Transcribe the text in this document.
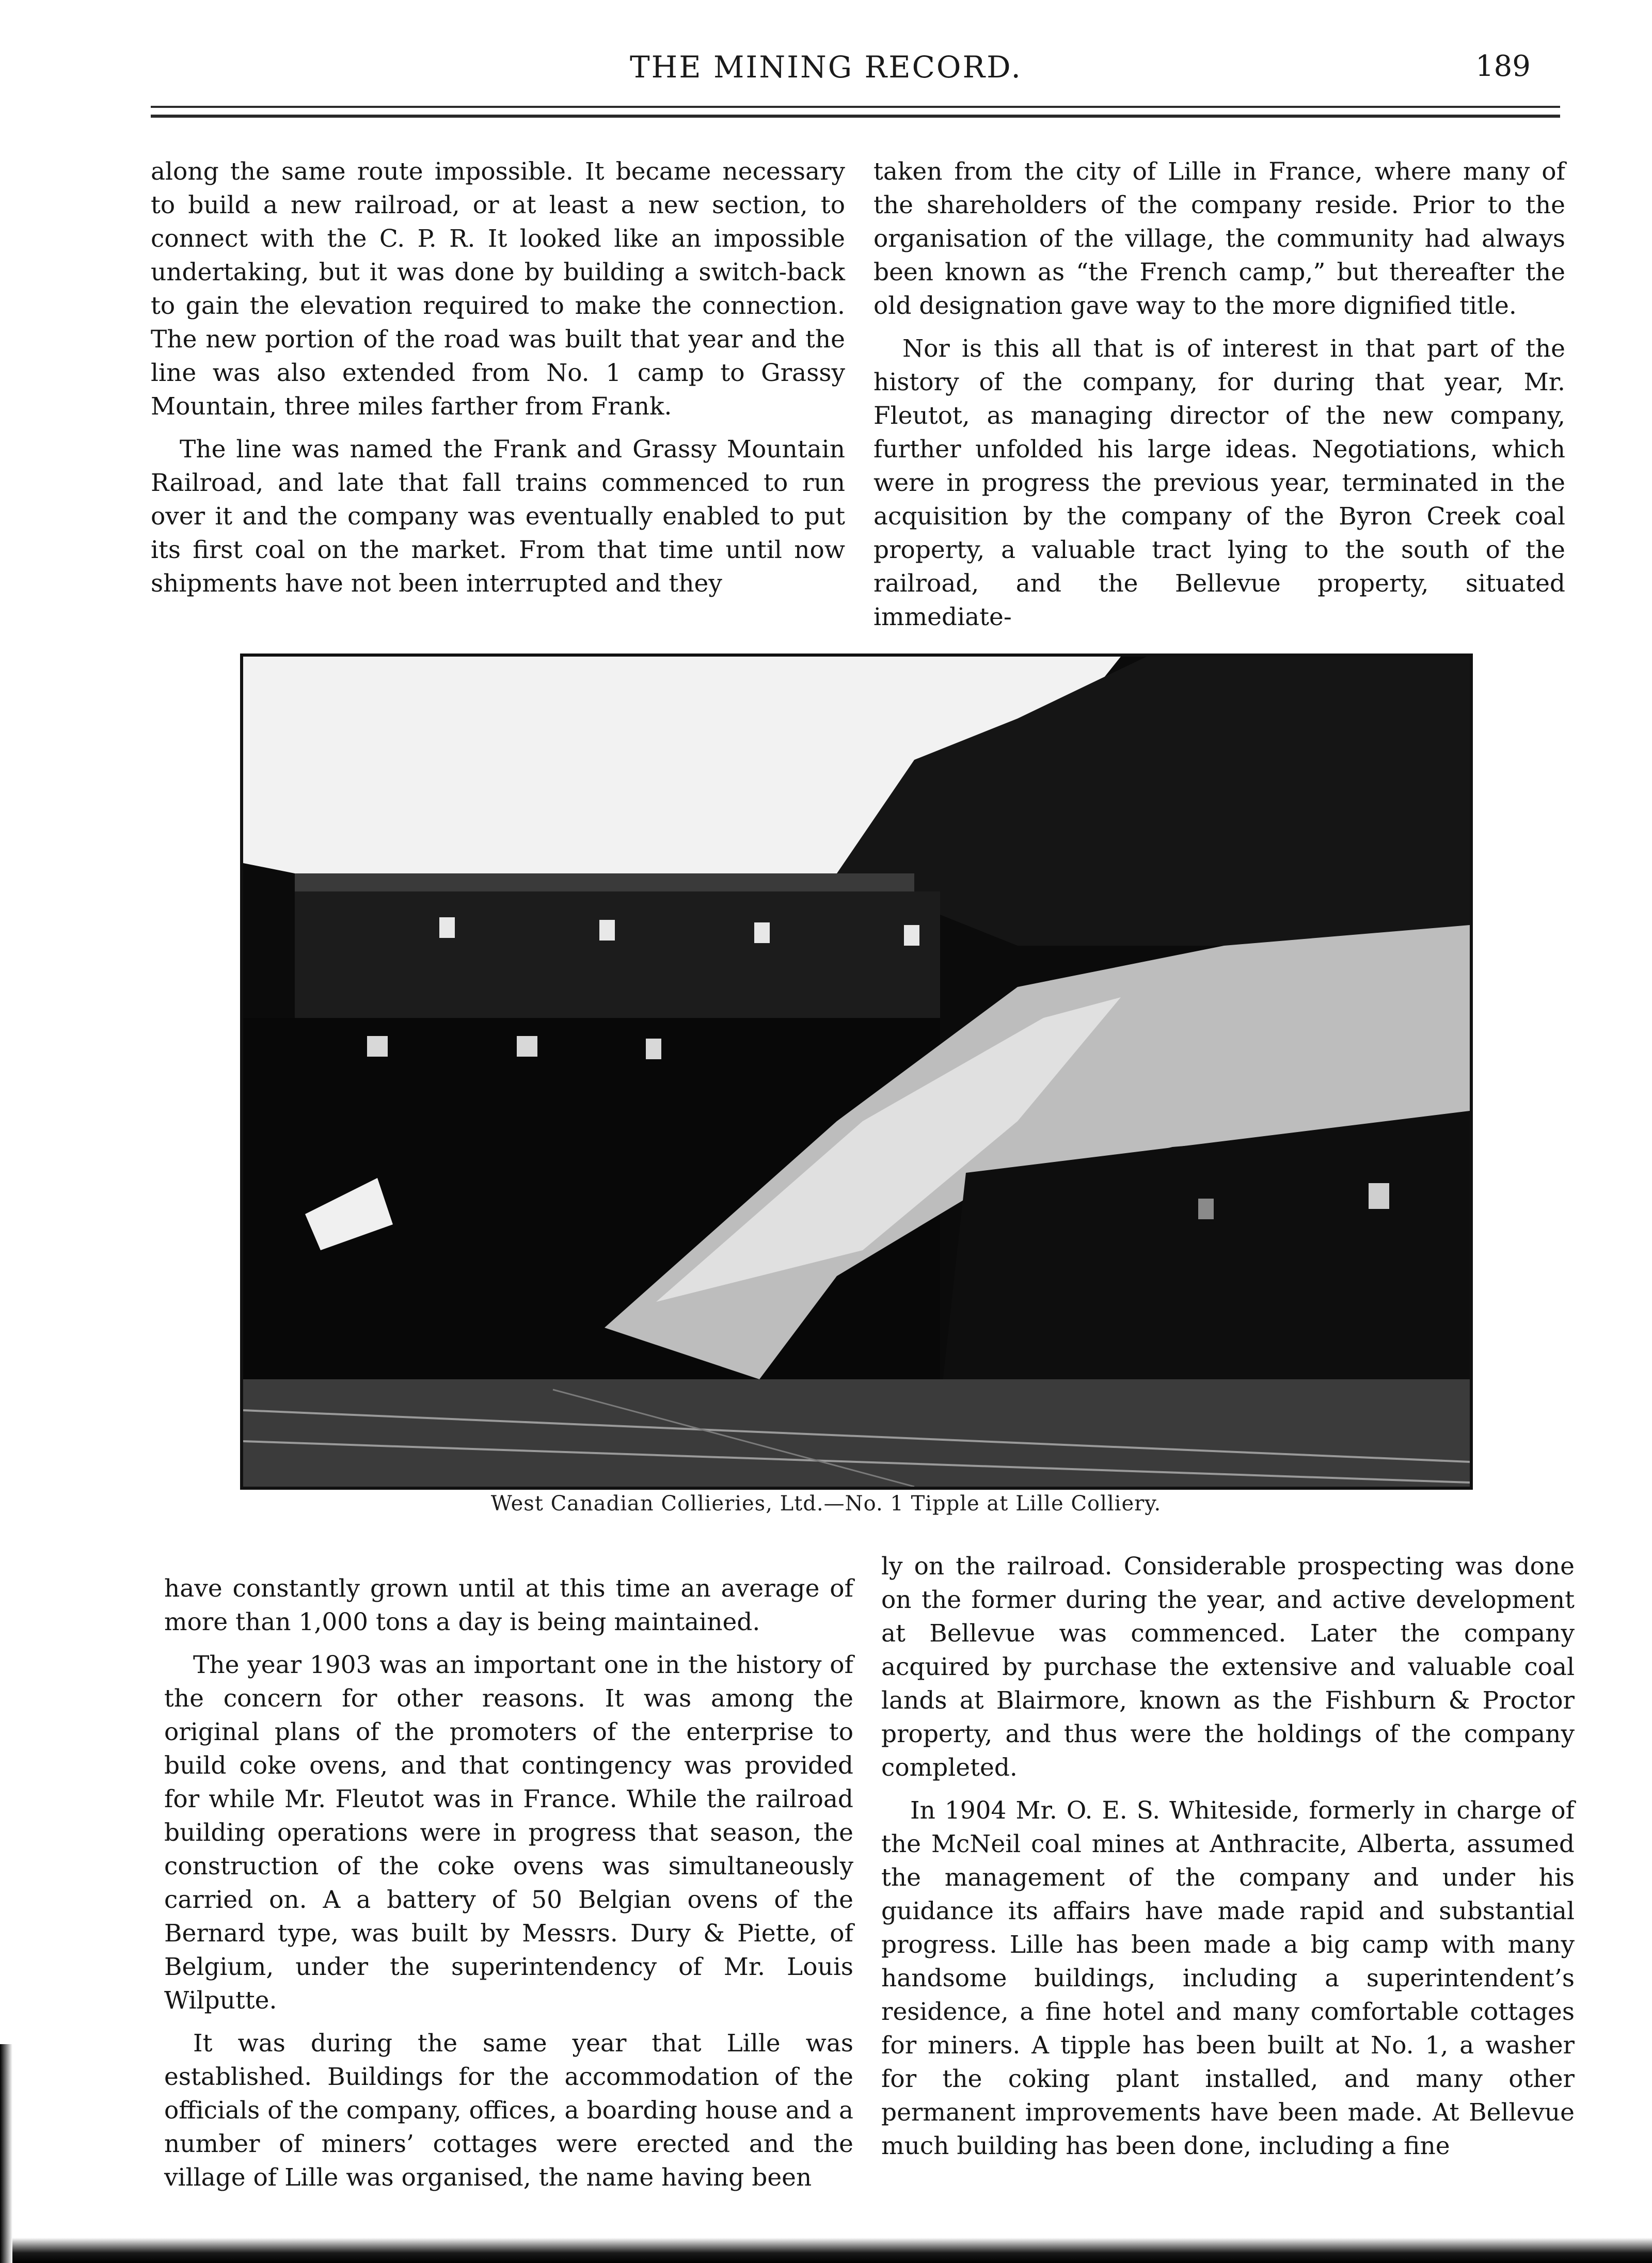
THE MINING RECORD.	189

along the same route impossible. It became necessary to build a new railroad, or at least a new section, to connect with the C. P. R. It looked like an impossible undertaking, but it was done by building a switch-back to gain the elevation required to make the connection. The new portion of the road was built that year and the line was also extended from No. 1 camp to Grassy Mountain, three miles farther from Frank.

The line was named the Frank and Grassy Mountain Railroad, and late that fall trains commenced to run over it and the company was eventually enabled to put its first coal on the market. From that time until now shipments have not been interrupted and they

taken from the city of Lille in France, where many of the shareholders of the company reside. Prior to the organisation of the village, the community had always been known as “the French camp,” but thereafter the old designation gave way to the more dignified title.

Nor is this all that is of interest in that part of the history of the company, for during that year, Mr. Fleutot, as managing director of the new company, further unfolded his large ideas. Negotiations, which were in progress the previous year, terminated in the acquisition by the company of the Byron Creek coal property, a valuable tract lying to the south of the railroad, and the Bellevue property, situated immediate-

West Canadian Collieries, Ltd.—No. 1 Tipple at Lille Colliery.

have constantly grown until at this time an average of more than 1,000 tons a day is being maintained.

The year 1903 was an important one in the history of the concern for other reasons. It was among the original plans of the promoters of the enterprise to build coke ovens, and that contingency was provided for while Mr. Fleutot was in France. While the railroad building operations were in progress that season, the construction of the coke ovens was simultaneously carried on. A a battery of 50 Belgian ovens of the Bernard type, was built by Messrs. Dury & Piette, of Belgium, under the superintendency of Mr. Louis Wilputte.

It was during the same year that Lille was established. Buildings for the accommodation of the officials of the company, offices, a boarding house and a number of miners’ cottages were erected and the village of Lille was organised, the name having been

ly on the railroad. Considerable prospecting was done on the former during the year, and active development at Bellevue was commenced. Later the company acquired by purchase the extensive and valuable coal lands at Blairmore, known as the Fishburn & Proctor property, and thus were the holdings of the company completed.

In 1904 Mr. O. E. S. Whiteside, formerly in charge of the McNeil coal mines at Anthracite, Alberta, assumed the management of the company and under his guidance its affairs have made rapid and substantial progress. Lille has been made a big camp with many handsome buildings, including a superintendent’s residence, a fine hotel and many comfortable cottages for miners. A tipple has been built at No. 1, a washer for the coking plant installed, and many other permanent improvements have been made. At Bellevue much building has been done, including a fine
